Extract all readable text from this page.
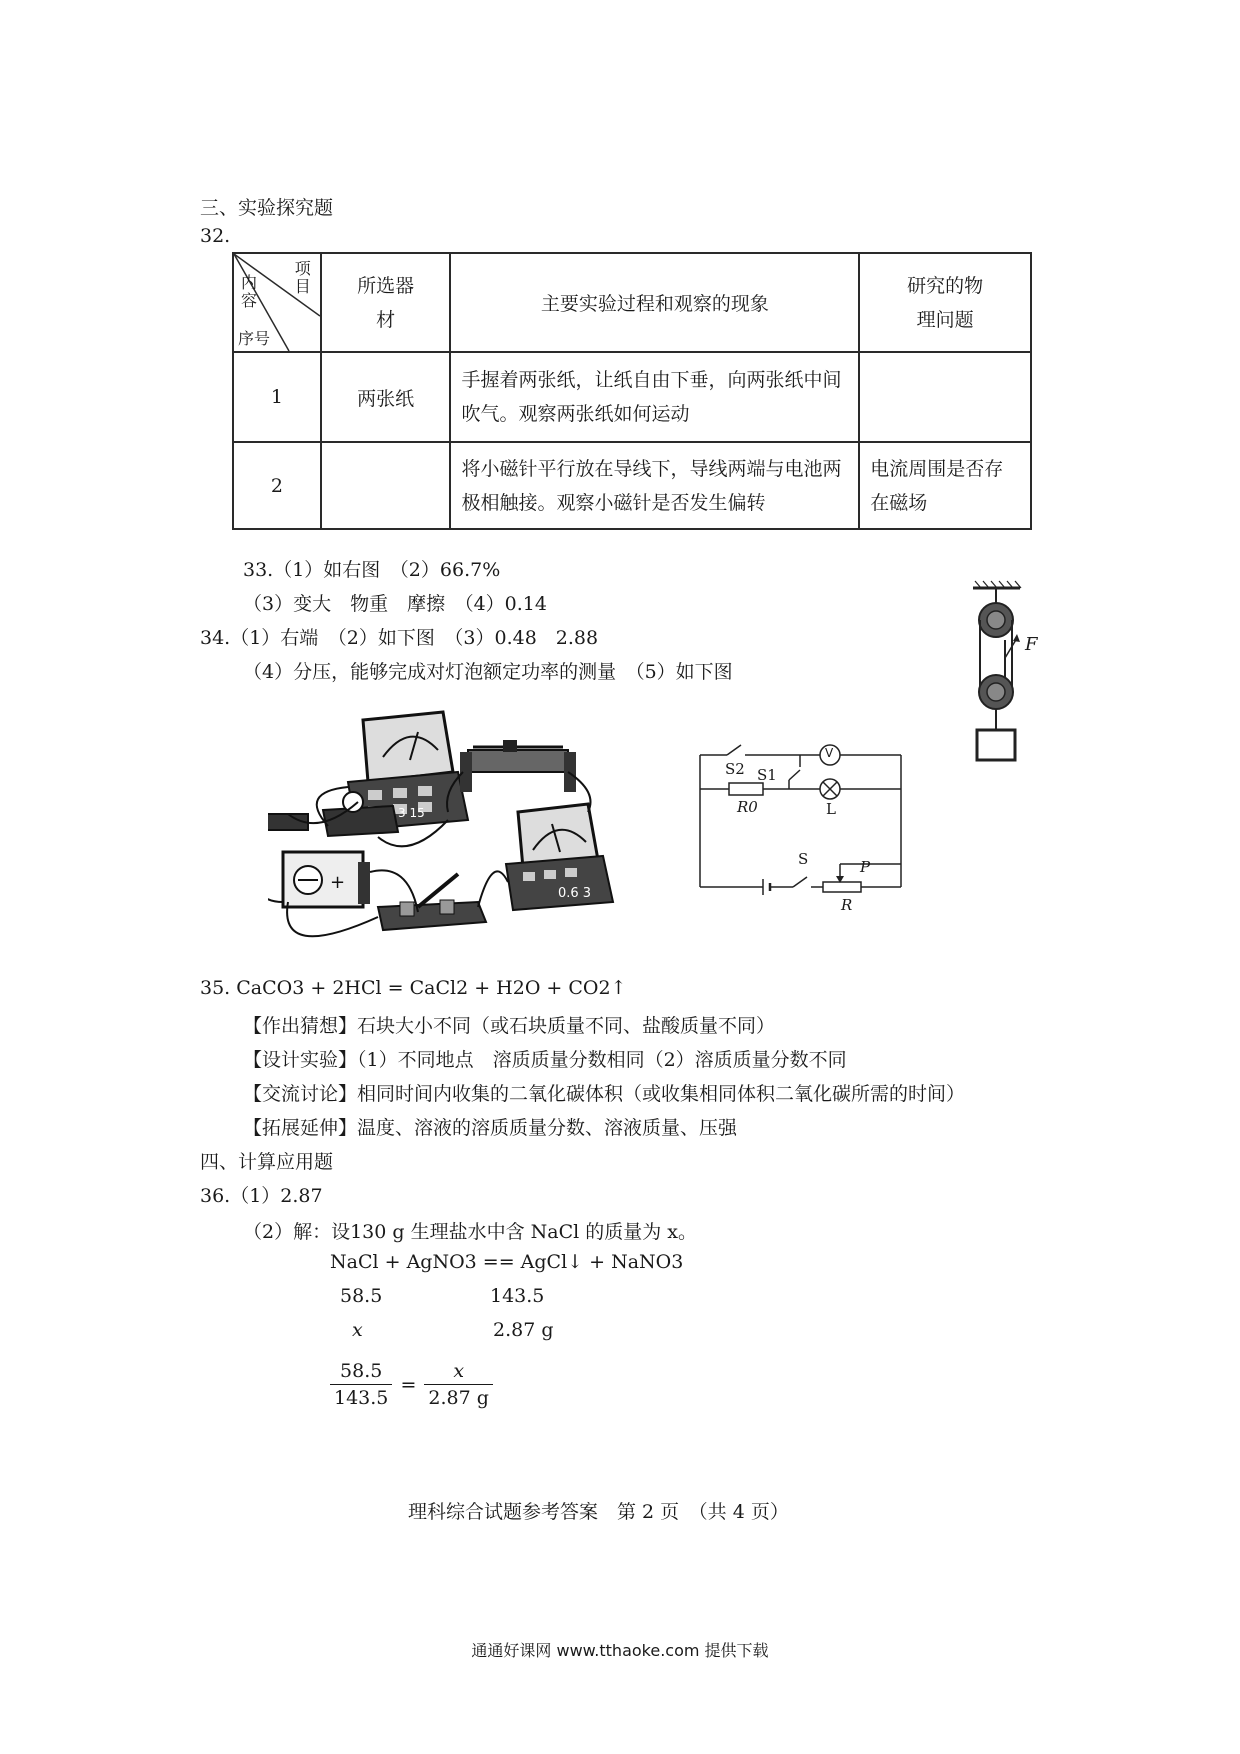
三、实验探究题
32.
项目
内容
序号	所选器材	主要实验过程和观察的现象	研究的物理问题
1	两张纸	手握着两张纸，让纸自由下垂，向两张纸中间吹气。观察两张纸如何运动	
2		将小磁针平行放在导线下，导线两端与电池两极相触接。观察小磁针是否发生偏转	电流周围是否存在磁场
33.（1）如右图　（2）66.7%
（3）变大　物重　摩擦　（4）0.14
34.（1）右端　（2）如下图　（3）0.48　2.88
（4）分压，能够完成对灯泡额定功率的测量　（5）如下图
F
+
0.6 3
3 15
S2 S1
V
R0	L
S	P
R
35. CaCO3 + 2HCl = CaCl2 + H2O + CO2↑
【作出猜想】石块大小不同（或石块质量不同、盐酸质量不同）
【设计实验】（1）不同地点　溶质质量分数相同（2）溶质质量分数不同
【交流讨论】相同时间内收集的二氧化碳体积（或收集相同体积二氧化碳所需的时间）
【拓展延伸】温度、溶液的溶质质量分数、溶液质量、压强
四、计算应用题
36.（1）2.87
（2）解：设130 g 生理盐水中含 NaCl 的质量为 x。
NaCl + AgNO3 == AgCl↓ + NaNO3
58.5	143.5
x	2.87 g
$\frac{58.5}{143.5} = \frac{x}{2.87 g}$
理科综合试题参考答案　第 2 页　（共 4 页）
通通好课网 www.tthaoke.com 提供下载
